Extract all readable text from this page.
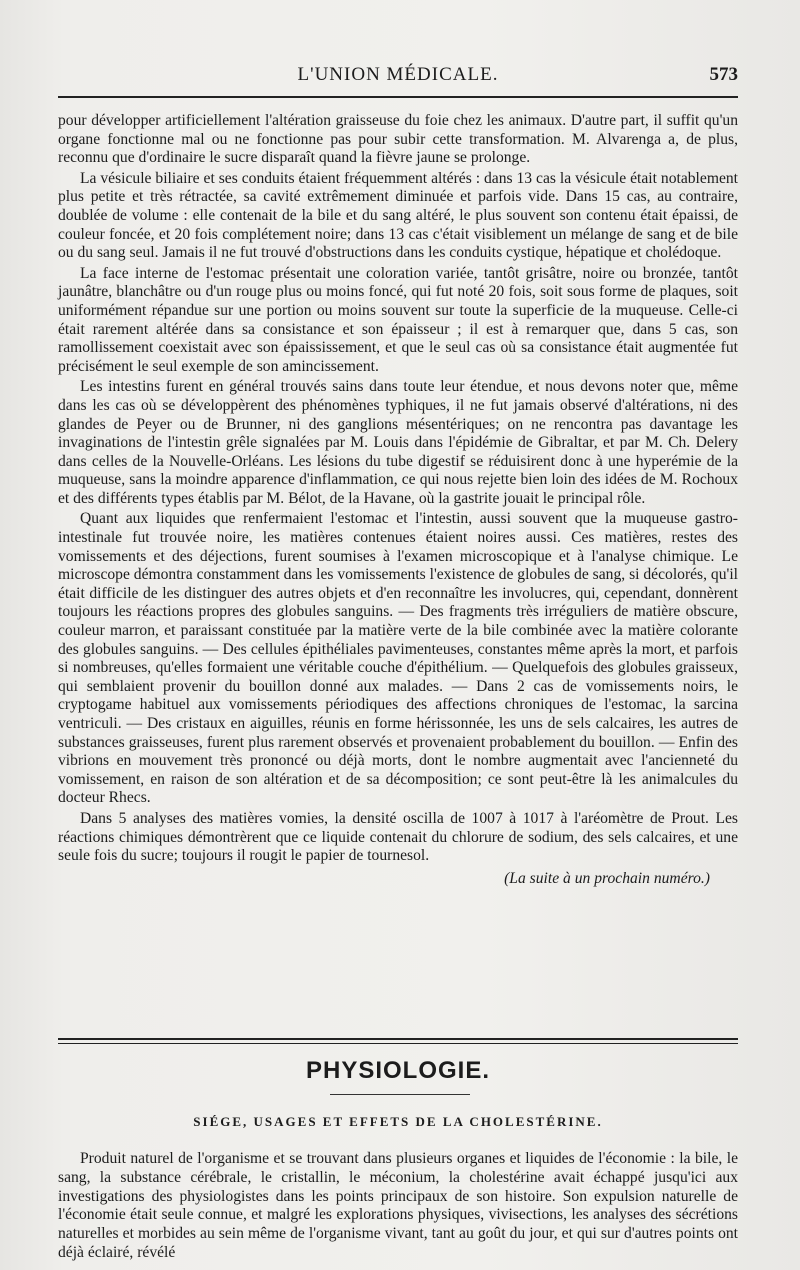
L'UNION MÉDICALE.	573

pour développer artificiellement l'altération graisseuse du foie chez les animaux. D'autre part, il suffit qu'un organe fonctionne mal ou ne fonctionne pas pour subir cette transformation. M. Alvarenga a, de plus, reconnu que d'ordinaire le sucre disparaît quand la fièvre jaune se prolonge.

La vésicule biliaire et ses conduits étaient fréquemment altérés : dans 13 cas la vésicule était notablement plus petite et très rétractée, sa cavité extrêmement diminuée et parfois vide. Dans 15 cas, au contraire, doublée de volume : elle contenait de la bile et du sang altéré, le plus souvent son contenu était épaissi, de couleur foncée, et 20 fois complétement noire; dans 13 cas c'était visiblement un mélange de sang et de bile ou du sang seul. Jamais il ne fut trouvé d'obstructions dans les conduits cystique, hépatique et cholédoque.

La face interne de l'estomac présentait une coloration variée, tantôt grisâtre, noire ou bronzée, tantôt jaunâtre, blanchâtre ou d'un rouge plus ou moins foncé, qui fut noté 20 fois, soit sous forme de plaques, soit uniformément répandue sur une portion ou moins souvent sur toute la superficie de la muqueuse. Celle-ci était rarement altérée dans sa consistance et son épaisseur ; il est à remarquer que, dans 5 cas, son ramollissement coexistait avec son épaississement, et que le seul cas où sa consistance était augmentée fut précisément le seul exemple de son amincissement.

Les intestins furent en général trouvés sains dans toute leur étendue, et nous devons noter que, même dans les cas où se développèrent des phénomènes typhiques, il ne fut jamais observé d'altérations, ni des glandes de Peyer ou de Brunner, ni des ganglions mésentériques; on ne rencontra pas davantage les invaginations de l'intestin grêle signalées par M. Louis dans l'épidémie de Gibraltar, et par M. Ch. Delery dans celles de la Nouvelle-Orléans. Les lésions du tube digestif se réduisirent donc à une hyperémie de la muqueuse, sans la moindre apparence d'inflammation, ce qui nous rejette bien loin des idées de M. Rochoux et des différents types établis par M. Bélot, de la Havane, où la gastrite jouait le principal rôle.

Quant aux liquides que renfermaient l'estomac et l'intestin, aussi souvent que la muqueuse gastro-intestinale fut trouvée noire, les matières contenues étaient noires aussi. Ces matières, restes des vomissements et des déjections, furent soumises à l'examen microscopique et à l'analyse chimique. Le microscope démontra constamment dans les vomissements l'existence de globules de sang, si décolorés, qu'il était difficile de les distinguer des autres objets et d'en reconnaître les involucres, qui, cependant, donnèrent toujours les réactions propres des globules sanguins. — Des fragments très irréguliers de matière obscure, couleur marron, et paraissant constituée par la matière verte de la bile combinée avec la matière colorante des globules sanguins. — Des cellules épithéliales pavimenteuses, constantes même après la mort, et parfois si nombreuses, qu'elles formaient une véritable couche d'épithélium. — Quelquefois des globules graisseux, qui semblaient provenir du bouillon donné aux malades. — Dans 2 cas de vomissements noirs, le cryptogame habituel aux vomissements périodiques des affections chroniques de l'estomac, la sarcina ventriculi. — Des cristaux en aiguilles, réunis en forme hérissonnée, les uns de sels calcaires, les autres de substances graisseuses, furent plus rarement observés et provenaient probablement du bouillon. — Enfin des vibrions en mouvement très prononcé ou déjà morts, dont le nombre augmentait avec l'ancienneté du vomissement, en raison de son altération et de sa décomposition; ce sont peut-être là les animalcules du docteur Rhecs.

Dans 5 analyses des matières vomies, la densité oscilla de 1007 à 1017 à l'aréomètre de Prout. Les réactions chimiques démontrèrent que ce liquide contenait du chlorure de sodium, des sels calcaires, et une seule fois du sucre; toujours il rougit le papier de tournesol.

(La suite à un prochain numéro.)
PHYSIOLOGIE.
SIÉGE, USAGES ET EFFETS DE LA CHOLESTÉRINE.

Produit naturel de l'organisme et se trouvant dans plusieurs organes et liquides de l'économie : la bile, le sang, la substance cérébrale, le cristallin, le méconium, la cholestérine avait échappé jusqu'ici aux investigations des physiologistes dans les points principaux de son histoire. Son expulsion naturelle de l'économie était seule connue, et malgré les explorations physiques, vivisections, les analyses des sécrétions naturelles et morbides au sein même de l'organisme vivant, tant au goût du jour, et qui sur d'autres points ont déjà éclairé, révélé
